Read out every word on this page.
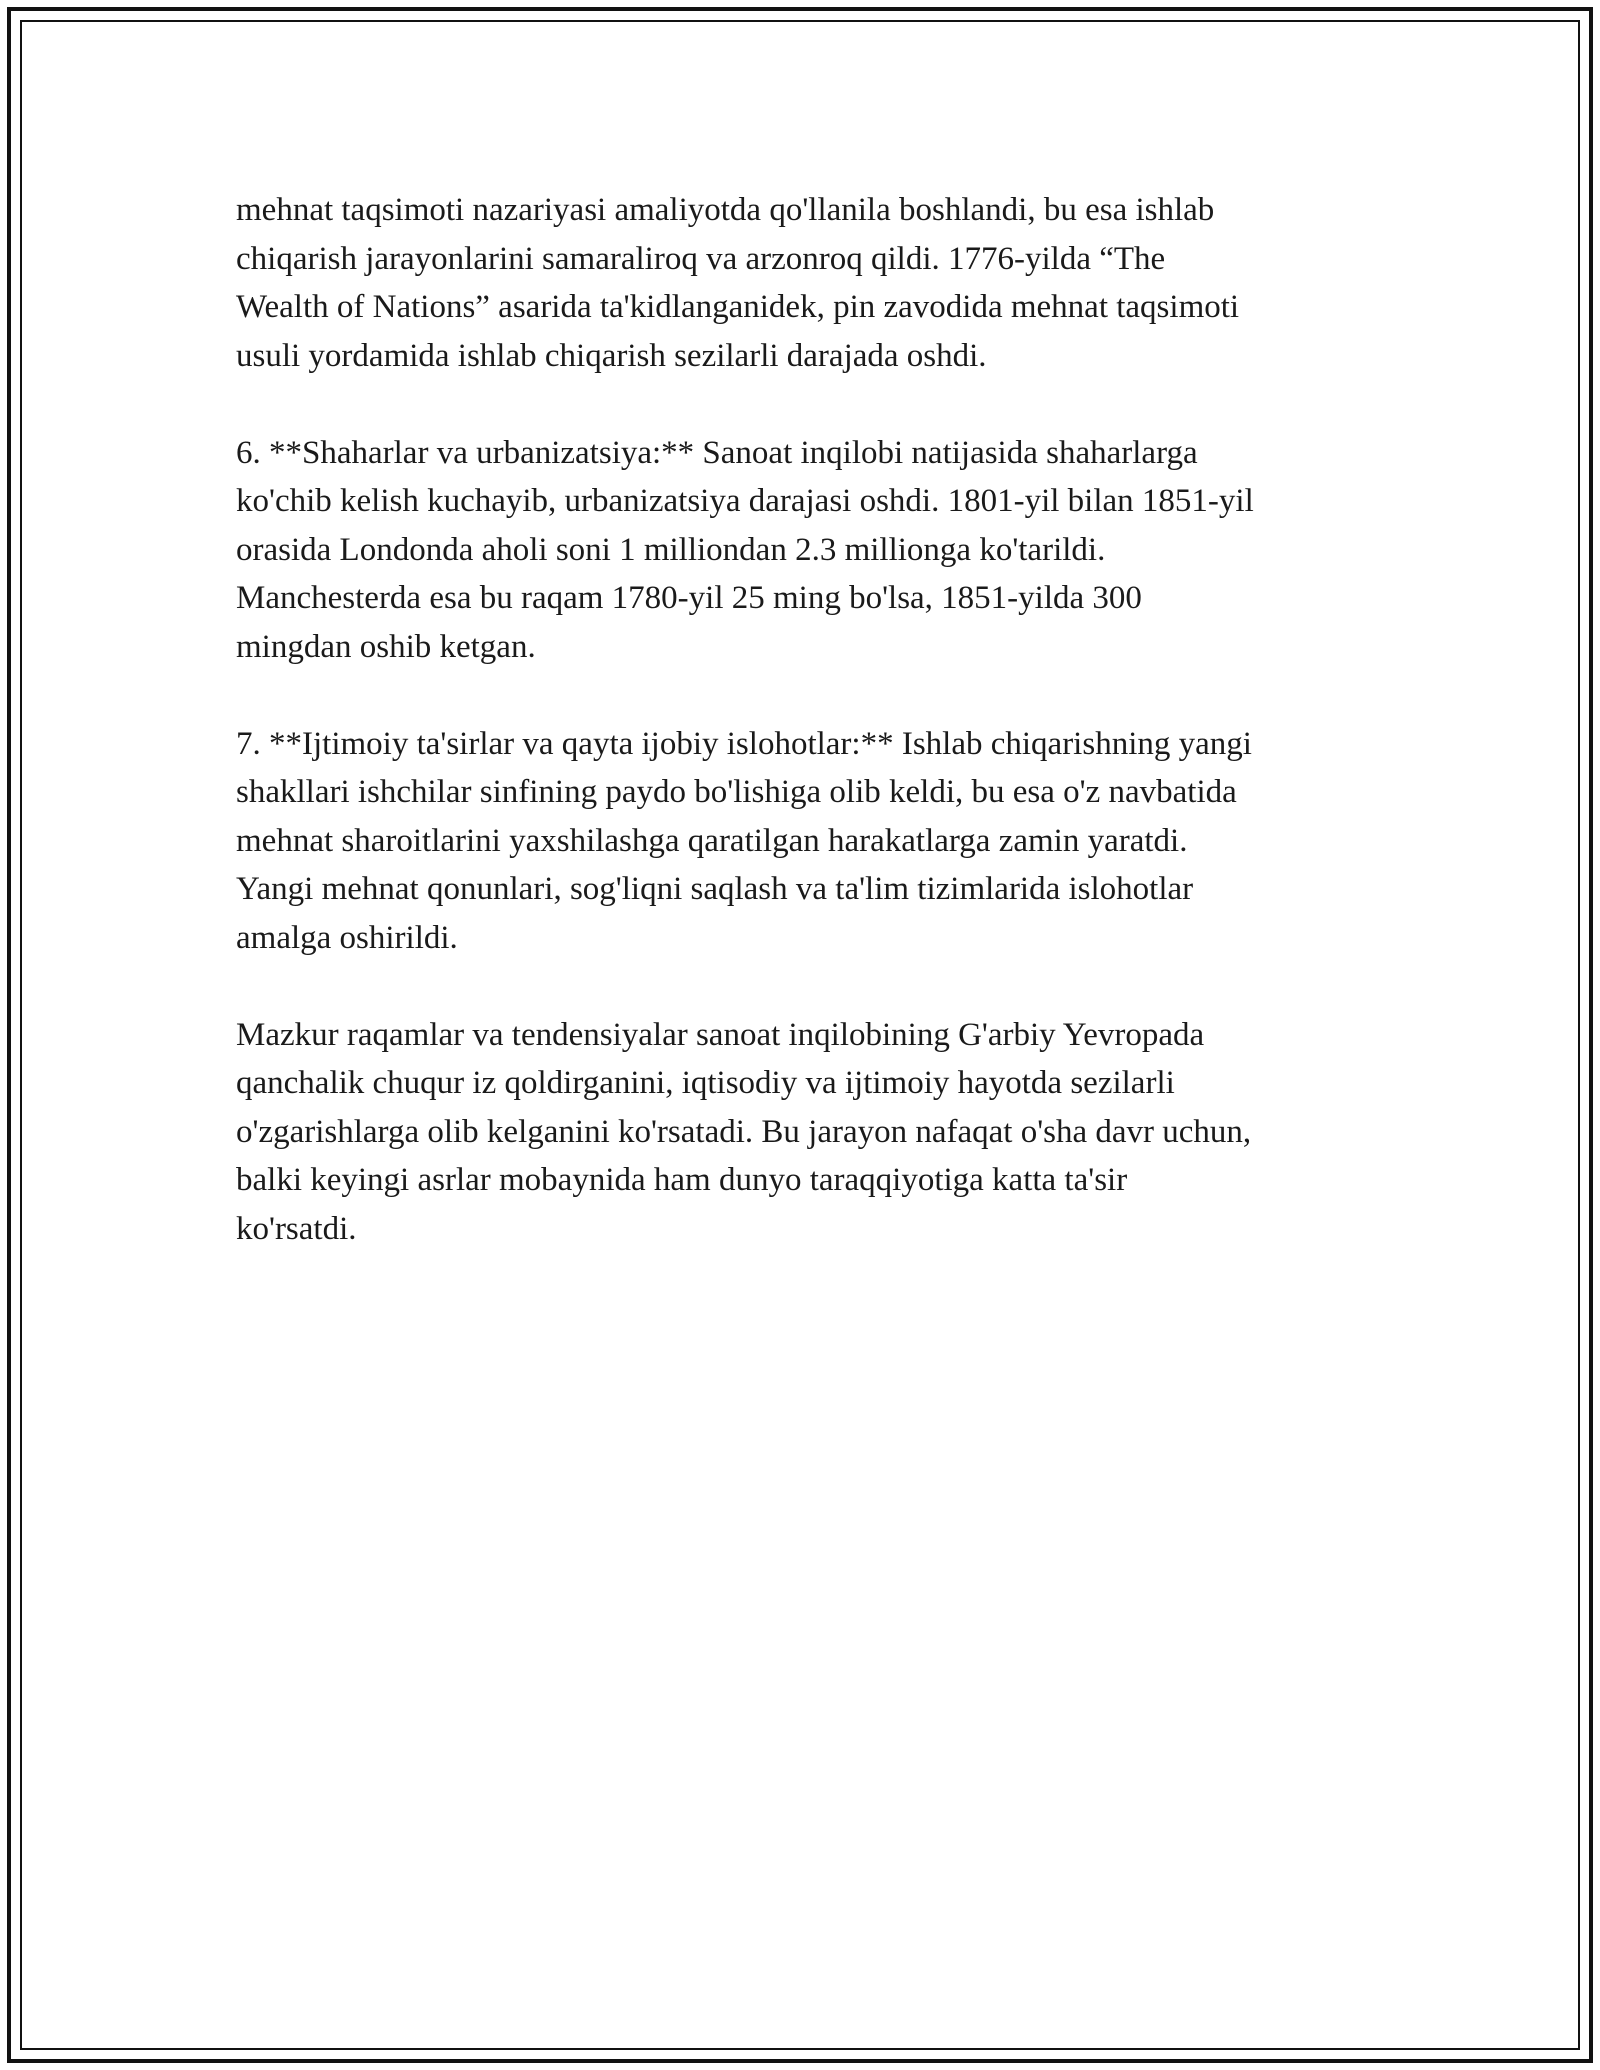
mehnat taqsimoti nazariyasi amaliyotda qo'llanila boshlandi, bu esa ishlab
chiqarish jarayonlarini samaraliroq va arzonroq qildi. 1776-yilda “The
Wealth of Nations” asarida ta'kidlanganidek, pin zavodida mehnat taqsimoti
usuli yordamida ishlab chiqarish sezilarli darajada oshdi.

6. **Shaharlar va urbanizatsiya:** Sanoat inqilobi natijasida shaharlarga
ko'chib kelish kuchayib, urbanizatsiya darajasi oshdi. 1801-yil bilan 1851-yil
orasida Londonda aholi soni 1 milliondan 2.3 millionga ko'tarildi.
Manchesterda esa bu raqam 1780-yil 25 ming bo'lsa, 1851-yilda 300
mingdan oshib ketgan.

7. **Ijtimoiy ta'sirlar va qayta ijobiy islohotlar:** Ishlab chiqarishning yangi
shakllari ishchilar sinfining paydo bo'lishiga olib keldi, bu esa o'z navbatida
mehnat sharoitlarini yaxshilashga qaratilgan harakatlarga zamin yaratdi.
Yangi mehnat qonunlari, sog'liqni saqlash va ta'lim tizimlarida islohotlar
amalga oshirildi.

Mazkur raqamlar va tendensiyalar sanoat inqilobining G'arbiy Yevropada
qanchalik chuqur iz qoldirganini, iqtisodiy va ijtimoiy hayotda sezilarli
o'zgarishlarga olib kelganini ko'rsatadi. Bu jarayon nafaqat o'sha davr uchun,
balki keyingi asrlar mobaynida ham dunyo taraqqiyotiga katta ta'sir
ko'rsatdi.
